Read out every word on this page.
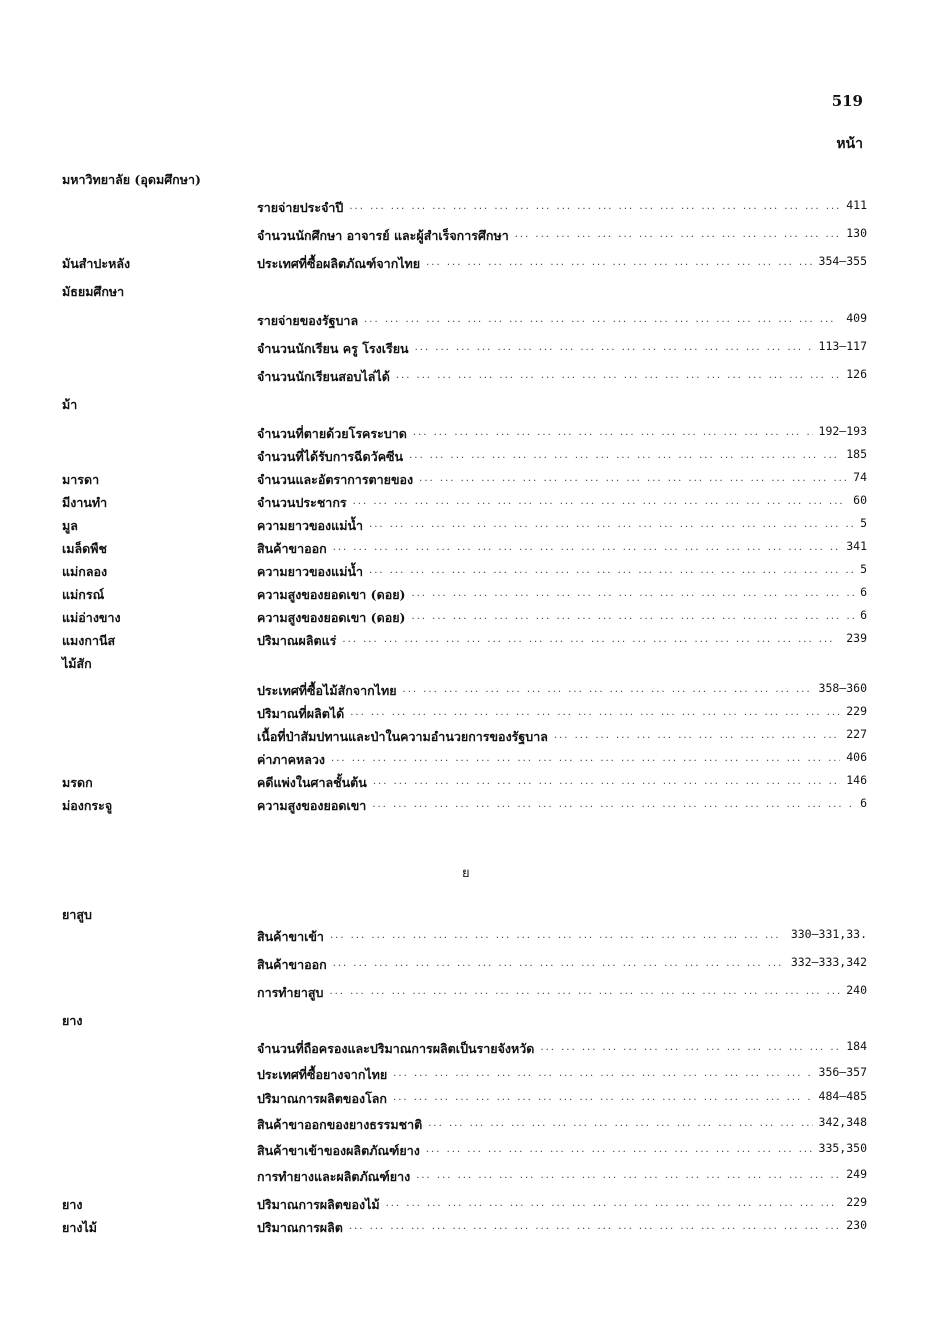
519
หน้า
มหาวิทยาลัย (อุดมศึกษา)
รายจ่ายประจำปี ... .	411
จำนวนนักศึกษา อาจารย์ และผู้สำเร็จการศึกษา ... .	130
มันสำปะหลัง	ประเทศที่ซื้อผลิตภัณฑ์จากไทย ... .	354–355
มัธยมศึกษา
รายจ่ายของรัฐบาล ... .	409
จำนวนนักเรียน ครู โรงเรียน ... .	113–117
จำนวนนักเรียนสอบไล่ได้ ... .	126
ม้า
จำนวนที่ตายด้วยโรคระบาด ... .	192–193
จำนวนที่ได้รับการฉีดวัคซีน ... .	185
มารดา	จำนวนและอัตราการตายของ ... .	74
มีงานทำ	จำนวนประชากร ... .	60
มูล	ความยาวของแม่น้ำ ... .	5
เมล็ดพืช	สินค้าขาออก ... .	341
แม่กลอง	ความยาวของแม่น้ำ ... .	5
แม่กรณ์	ความสูงของยอดเขา (ดอย) ... .	6
แม่อ่างขาง	ความสูงของยอดเขา (ดอย) ... .	6
แมงกานีส	ปริมาณผลิตแร่ ... .	239
ไม้สัก
ประเทศที่ซื้อไม้สักจากไทย ... .	358–360
ปริมาณที่ผลิตได้ ... .	229
เนื้อที่ป่าสัมปทานและป่าในความอำนวยการของรัฐบาล ... .	227
ค่าภาคหลวง ... .	406
มรดก	คดีแพ่งในศาลชั้นต้น ... .	146
ม่องกระจู	ความสูงของยอดเขา ... .	6
ย
ยาสูบ
สินค้าขาเข้า ... .	330–331,33.
สินค้าขาออก ... .	332–333,342
การทำยาสูบ ... .	240
ยาง
จำนวนที่ถือครองและปริมาณการผลิตเป็นรายจังหวัด ... .	184
ประเทศที่ซื้อยางจากไทย ... .	356–357
ปริมาณการผลิตของโลก ... .	484–485
สินค้าขาออกของยางธรรมชาติ ... .	342,348
สินค้าขาเข้าของผลิตภัณฑ์ยาง ... .	335,350
การทำยางและผลิตภัณฑ์ยาง ... .	249
ยาง	ปริมาณการผลิตของไม้ ... .	229
ยางไม้	ปริมาณการผลิต ... .	230
